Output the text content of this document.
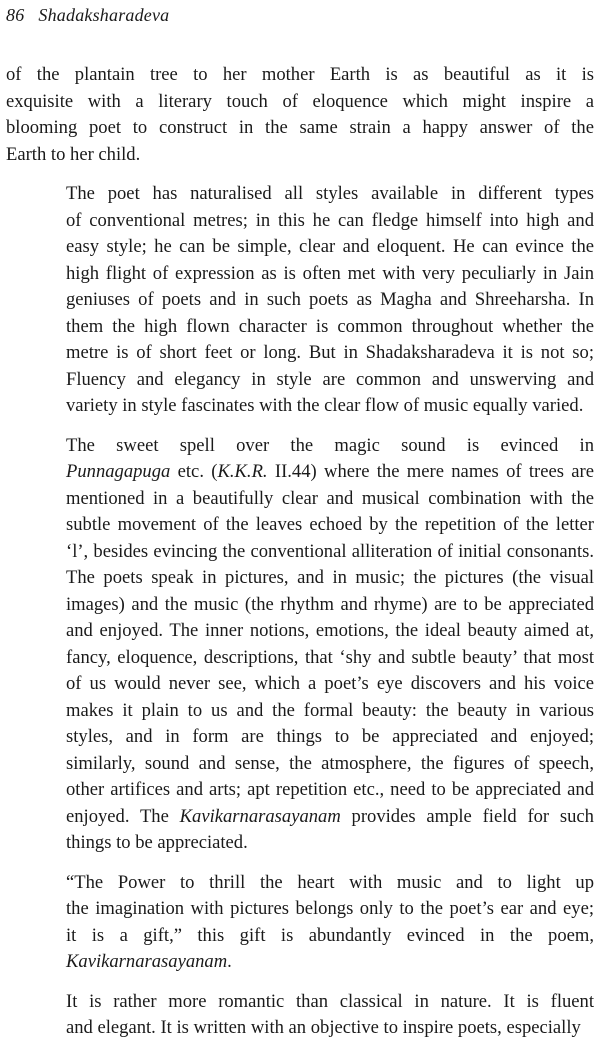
86 Shadaksharadeva
of the plantain tree to her mother Earth is as beautiful as it is
exquisite with a literary touch of eloquence which might inspire a
blooming poet to construct in the same strain a happy answer of the
Earth to her child.
The poet has naturalised all styles available in different types
of conventional metres; in this he can fledge himself into high and
easy style; he can be simple, clear and eloquent. He can evince the
high flight of expression as is often met with very peculiarly in Jain
geniuses of poets and in such poets as Magha and Shreeharsha. In
them the high flown character is common throughout whether the
metre is of short feet or long. But in Shadaksharadeva it is not so;
Fluency and elegancy in style are common and unswerving and
variety in style fascinates with the clear flow of music equally varied.
The sweet spell over the magic sound is evinced in
Punnagapuga etc. (K.K.R. II.44) where the mere names of trees are
mentioned in a beautifully clear and musical combination with the
subtle movement of the leaves echoed by the repetition of the letter
‘l’, besides evincing the conventional alliteration of initial consonants.
The poets speak in pictures, and in music; the pictures (the visual
images) and the music (the rhythm and rhyme) are to be appreciated
and enjoyed. The inner notions, emotions, the ideal beauty aimed at,
fancy, eloquence, descriptions, that ‘shy and subtle beauty’ that most
of us would never see, which a poet’s eye discovers and his voice
makes it plain to us and the formal beauty: the beauty in various
styles, and in form are things to be appreciated and enjoyed;
similarly, sound and sense, the atmosphere, the figures of speech,
other artifices and arts; apt repetition etc., need to be appreciated and
enjoyed. The Kavikarnarasayanam provides ample field for such
things to be appreciated.
“The Power to thrill the heart with music and to light up
the imagination with pictures belongs only to the poet’s ear and eye;
it is a gift,” this gift is abundantly evinced in the poem,
Kavikarnarasayanam.
It is rather more romantic than classical in nature. It is fluent
and elegant. It is written with an objective to inspire poets, especially
